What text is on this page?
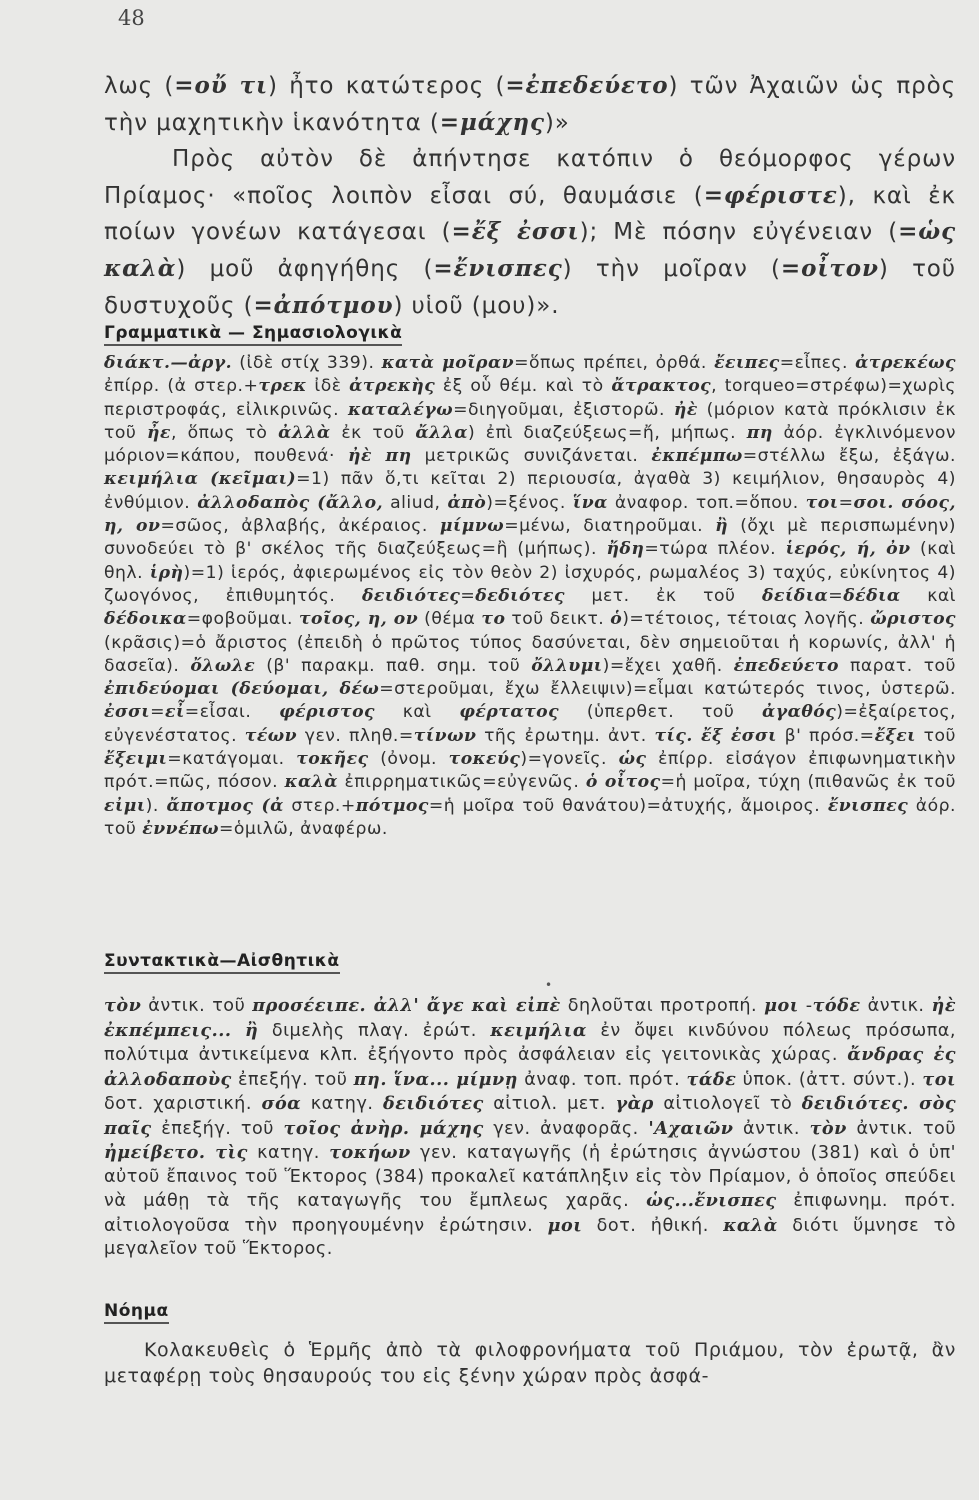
48

λως (=οὔ τι) ἦτο κατώτερος (=ἐπεδεύετο) τῶν Ἀχαιῶν ὡς πρὸς τὴν μαχητικὴν ἱκανότητα (=μάχης)»

Πρὸς αὐτὸν δὲ ἀπήντησε κατόπιν ὁ θεόμορφος γέρων Πρίαμος· «ποῖος λοιπὸν εἶσαι σύ, θαυμάσιε (=φέριστε), καὶ ἐκ ποίων γονέων κατάγεσαι (=ἔξ ἐσσι); Μὲ πόσην εὐγένειαν (=ὡς καλὰ) μοῦ ἀφηγήθης (=ἔνισπες) τὴν μοῖραν (=οἶτον) τοῦ δυστυχοῦς (=ἀπότμου) υἱοῦ (μου)».

Γραμματικὰ — Σημασιολογικὰ

διάκτ.—ἀργ. (ἰδὲ στίχ 339). κατὰ μοῖραν=ὅπως πρέπει, ὀρθά. ἔειπες=εἶπες. ἀτρεκέως ἐπίρρ. (ἀ στερ.+τρεκ ἰδὲ ἀτρεκὴς ἐξ οὗ θέμ. καὶ τὸ ἄτρακτος, torqueo=στρέφω)=χωρὶς περιστροφάς, εἰλικρινῶς. καταλέγω=διηγοῦμαι, ἐξιστορῶ. ἠὲ (μόριον κατὰ πρόκλισιν ἐκ τοῦ ἦε, ὅπως τὸ ἀλλὰ ἐκ τοῦ ἄλλα) ἐπὶ διαζεύξεως=ἤ, μήπως. πη ἀόρ. ἐγκλινόμενον μόριον=κάπου, πουθενά· ἠὲ πη μετρικῶς συνιζάνεται. ἐκπέμπω=στέλλω ἔξω, ἐξάγω. κειμήλια (κεῖμαι)=1) πᾶν ὅ,τι κεῖται 2) περιουσία, ἀγαθὰ 3) κειμήλιον, θησαυρὸς 4) ἐνθύμιον. ἀλλοδαπὸς (ἄλλο, aliud, ἀπὸ)=ξένος. ἵνα ἀναφορ. τοπ.=ὅπου. τοι=σοι. σόος, η, ον=σῶος, ἀβλαβής, ἀκέραιος. μίμνω=μένω, διατηροῦμαι. ἢ (ὄχι μὲ περισπωμένην) συνοδεύει τὸ β' σκέλος τῆς διαζεύξεως=ἢ (μήπως). ἤδη=τώρα πλέον. ἱερός, ή, ὀν (καὶ θηλ. ἱρὴ)=1) ἱερός, ἀφιερωμένος εἰς τὸν θεὸν 2) ἰσχυρός, ρωμαλέος 3) ταχύς, εὐκίνητος 4) ζωογόνος, ἐπιθυμητός. δειδιότες=δεδιότες μετ. ἐκ τοῦ δείδια=δέδια καὶ δέδοικα=φοβοῦμαι. τοῖος, η, ον (θέμα το τοῦ δεικτ. ὁ)=τέτοιος, τέτοιας λογῆς. ὤριστος (κρᾶσις)=ὁ ἄριστος (ἐπειδὴ ὁ πρῶτος τύπος δασύνεται, δὲν σημειοῦται ἡ κορωνίς, ἀλλ' ἡ δασεῖα). ὄλωλε (β' παρακμ. παθ. σημ. τοῦ ὄλλυμι)=ἔχει χαθῆ. ἐπεδεύετο παρατ. τοῦ ἐπιδεύομαι (δεύομαι, δέω=στεροῦμαι, ἔχω ἔλλειψιν)=εἶμαι κατώτερός τινος, ὑστερῶ. ἐσσι=εἶ=εἶσαι. φέριστος καὶ φέρτατος (ὑπερθετ. τοῦ ἀγαθός)=ἐξαίρετος, εὐγενέστατος. τέων γεν. πληθ.=τίνων τῆς ἐρωτημ. ἀντ. τίς. ἔξ ἐσσι β' πρόσ.=ἔξει τοῦ ἔξειμι=κατάγομαι. τοκῆες (ὀνομ. τοκεύς)=γονεῖς. ὡς ἐπίρρ. εἰσάγον ἐπιφωνηματικὴν πρότ.=πῶς, πόσον. καλὰ ἐπιρρηματικῶς=εὐγενῶς. ὁ οἶτος=ἡ μοῖρα, τύχη (πιθανῶς ἐκ τοῦ εἰμι). ἄποτμος (ἀ στερ.+πότμος=ἡ μοῖρα τοῦ θανάτου)=ἀτυχής, ἄμοιρος. ἔνισπες ἀόρ. τοῦ ἐννέπω=ὁμιλῶ, ἀναφέρω.

Συντακτικὰ—Αἰσθητικὰ
•

τὸν ἀντικ. τοῦ προσέειπε. ἀλλ' ἄγε καὶ εἰπὲ δηλοῦται προτροπή. μοι -τόδε ἀντικ. ἠὲ ἐκπέμπεις... ἢ διμελὴς πλαγ. ἐρώτ. κειμήλια ἐν ὄψει κινδύνου πόλεως πρόσωπα, πολύτιμα ἀντικείμενα κλπ. ἐξήγοντο πρὸς ἀσφάλειαν εἰς γειτονικὰς χώρας. ἄνδρας ἐς ἀλλοδαποὺς ἐπεξήγ. τοῦ πη. ἵνα... μίμνῃ ἀναφ. τοπ. πρότ. τάδε ὑποκ. (ἀττ. σύντ.). τοι δοτ. χαριστική. σόα κατηγ. δειδιότες αἰτιολ. μετ. γὰρ αἰτιολογεῖ τὸ δειδιότες. σὸς παῖς ἐπεξήγ. τοῦ τοῖος ἀνὴρ. μάχης γεν. ἀναφορᾶς. 'Αχαιῶν ἀντικ. τὸν ἀντικ. τοῦ ἠμείβετο. τὶς κατηγ. τοκήων γεν. καταγωγῆς (ἡ ἐρώτησις ἀγνώστου (381) καὶ ὁ ὑπ' αὐτοῦ ἔπαινος τοῦ Ἕκτορος (384) προκαλεῖ κατάπληξιν εἰς τὸν Πρίαμον, ὁ ὁποῖος σπεύδει νὰ μάθῃ τὰ τῆς καταγωγῆς του ἔμπλεως χαρᾶς. ὡς...ἔνισπες ἐπιφωνημ. πρότ. αἰτιολογοῦσα τὴν προηγουμένην ἐρώτησιν. μοι δοτ. ἠθική. καλὰ διότι ὕμνησε τὸ μεγαλεῖον τοῦ Ἕκτορος.

Νόημα

Κολακευθεὶς ὁ Ἑρμῆς ἀπὸ τὰ φιλοφρονήματα τοῦ Πριάμου, τὸν ἐρωτᾷ, ἂν μεταφέρῃ τοὺς θησαυρούς του εἰς ξένην χώραν πρὸς ἀσφά-
